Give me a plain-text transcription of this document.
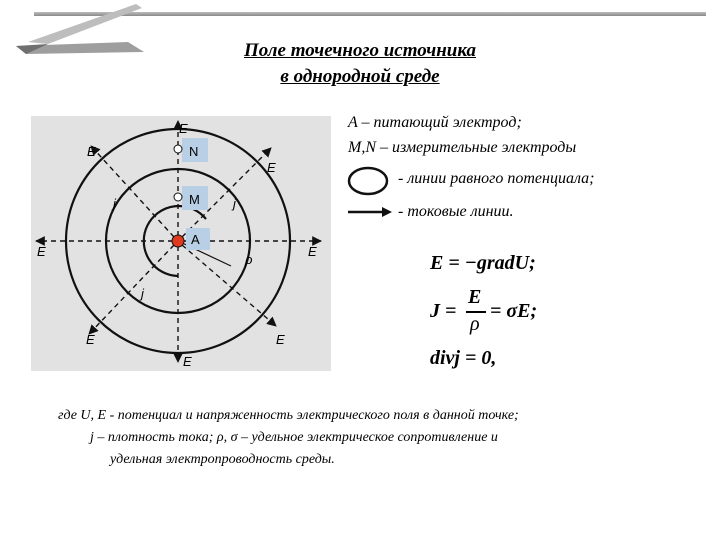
Поле точечного источника
в однородной среде
N
M
A
E
E
E
E	E
E	E
E
j	j
j
ρ
A – питающий электрод;
M,N – измерительные электроды
- линии равного потенциала;
- токовые линии.
E = −gradU;
J =
E
ρ
= σE;
divj = 0,
где U, E - потенциал и напряженность электрического поля в данной точке;
j – плотность тока; ρ, σ – удельное электрическое сопротивление и
удельная электропроводность среды.
